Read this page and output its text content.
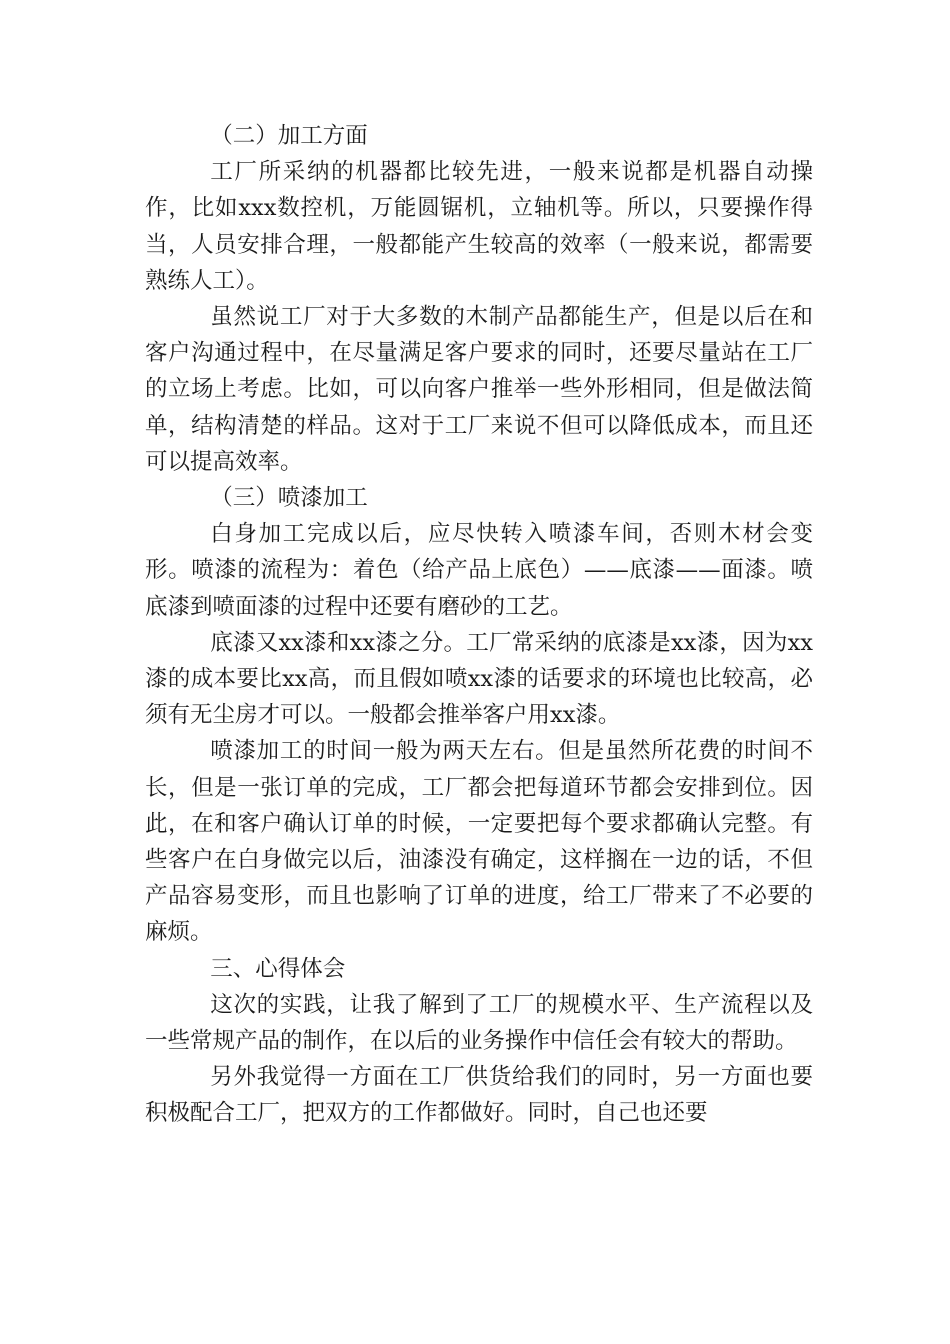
（二）加工方面

工厂所采纳的机器都比较先进，一般来说都是机器自动操作，比如xxx数控机，万能圆锯机，立轴机等。所以，只要操作得当，人员安排合理，一般都能产生较高的效率（一般来说，都需要熟练人工）。

虽然说工厂对于大多数的木制产品都能生产，但是以后在和客户沟通过程中，在尽量满足客户要求的同时，还要尽量站在工厂的立场上考虑。比如，可以向客户推举一些外形相同，但是做法简单，结构清楚的样品。这对于工厂来说不但可以降低成本，而且还可以提高效率。

（三）喷漆加工

白身加工完成以后，应尽快转入喷漆车间，否则木材会变形。喷漆的流程为：着色（给产品上底色）——底漆——面漆。喷底漆到喷面漆的过程中还要有磨砂的工艺。

底漆又xx漆和xx漆之分。工厂常采纳的底漆是xx漆，因为xx漆的成本要比xx高，而且假如喷xx漆的话要求的环境也比较高，必须有无尘房才可以。一般都会推举客户用xx漆。

喷漆加工的时间一般为两天左右。但是虽然所花费的时间不长，但是一张订单的完成，工厂都会把每道环节都会安排到位。因此，在和客户确认订单的时候，一定要把每个要求都确认完整。有些客户在白身做完以后，油漆没有确定，这样搁在一边的话，不但产品容易变形，而且也影响了订单的进度，给工厂带来了不必要的麻烦。

三、心得体会

这次的实践，让我了解到了工厂的规模水平、生产流程以及一些常规产品的制作，在以后的业务操作中信任会有较大的帮助。

另外我觉得一方面在工厂供货给我们的同时，另一方面也要积极配合工厂，把双方的工作都做好。同时，自己也还要
